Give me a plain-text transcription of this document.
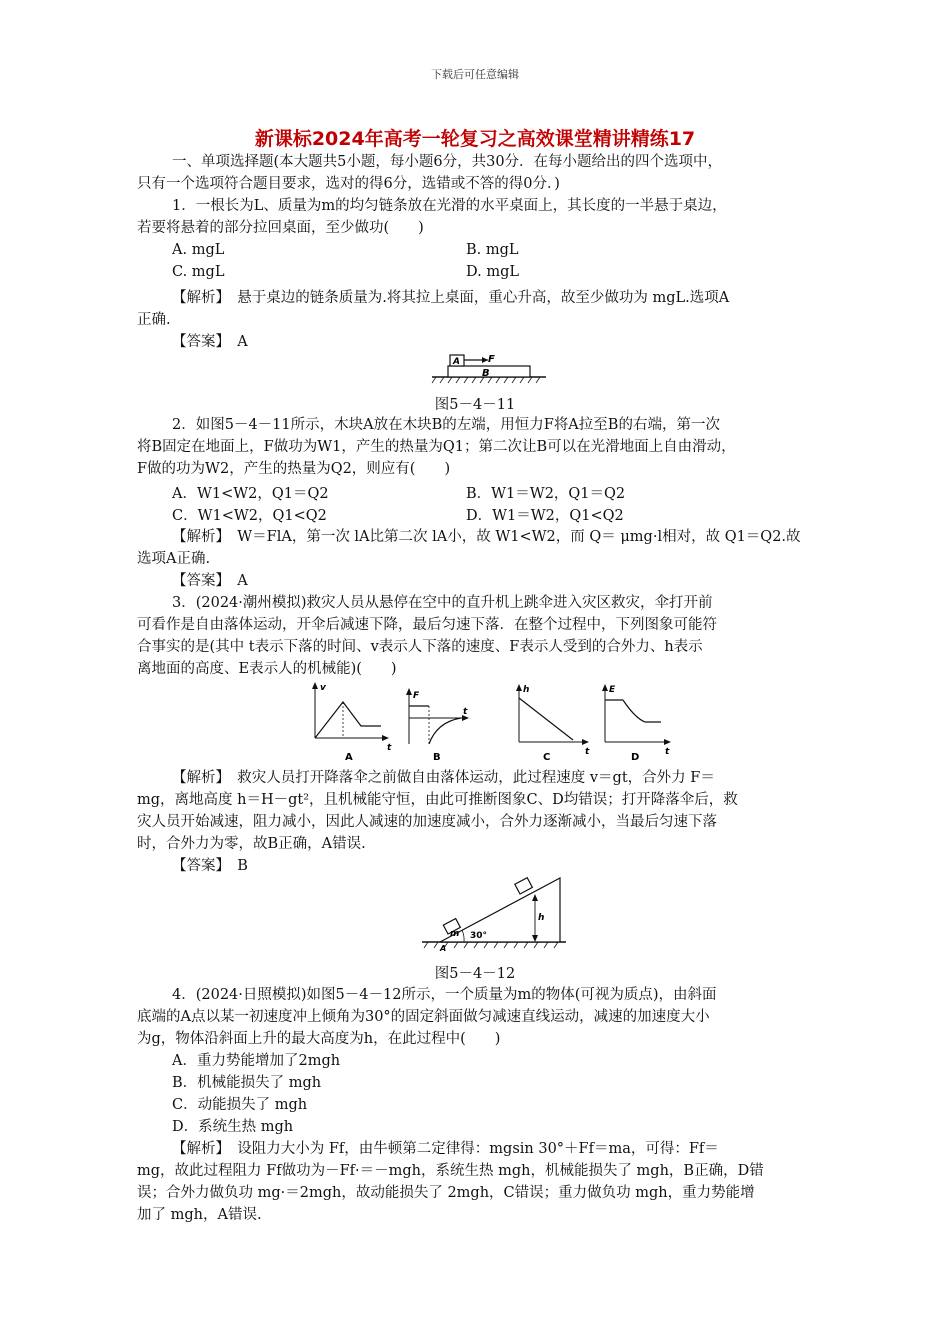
下载后可任意编辑
新课标2024年高考一轮复习之高效课堂精讲精练17
一、单项选择题(本大题共5小题，每小题6分，共30分．在每小题给出的四个选项中，
只有一个选项符合题目要求，选对的得6分，选错或不答的得0分．)
1．一根长为L、质量为m的均匀链条放在光滑的水平桌面上，其长度的一半悬于桌边，
若要将悬着的部分拉回桌面，至少做功(　　)
A. mgL	B. mgL
C. mgL	D. mgL
【解析】　悬于桌边的链条质量为.将其拉上桌面，重心升高，故至少做功为 mgL.选项A
正确.
【答案】　A
A	F
B
图5－4－11
2．如图5－4－11所示，木块A放在木块B的左端，用恒力F将A拉至B的右端，第一次
将B固定在地面上，F做功为W1，产生的热量为Q1；第二次让B可以在光滑地面上自由滑动，
F做的功为W2，产生的热量为Q2，则应有(　　)
A．W1<W2，Q1＝Q2	B．W1＝W2，Q1＝Q2
C．W1<W2，Q1<Q2	D．W1＝W2，Q1<Q2
【解析】　W＝FlA，第一次 lA比第二次 lA小，故 W1<W2，而 Q＝ μmg·l相对，故 Q1＝Q2.故
选项A正确.
【答案】　A
3．(2024·潮州模拟)救灾人员从悬停在空中的直升机上跳伞进入灾区救灾，伞打开前
可看作是自由落体运动，开伞后减速下降，最后匀速下落．在整个过程中，下列图象可能符
合事实的是(其中 t表示下落的时间、v表示人下落的速度、F表示人受到的合外力、h表示
离地面的高度、E表示人的机械能)(　　)
v
t
A
F
t
B
h
t
C
E
t
D
【解析】　救灾人员打开降落伞之前做自由落体运动，此过程速度 v＝gt，合外力 F＝
mg，离地高度 h＝H－gt²，且机械能守恒，由此可推断图象C、D均错误；打开降落伞后，救
灾人员开始减速，阻力减小，因此人减速的加速度减小，合外力逐渐减小，当最后匀速下落
时，合外力为零，故B正确，A错误.
【答案】　B
m 30°
h
A
图5－4－12
4．(2024·日照模拟)如图5－4－12所示，一个质量为m的物体(可视为质点)，由斜面
底端的A点以某一初速度冲上倾角为30°的固定斜面做匀减速直线运动，减速的加速度大小
为g，物体沿斜面上升的最大高度为h，在此过程中(　　)
A．重力势能增加了2mgh
B．机械能损失了 mgh
C．动能损失了 mgh
D．系统生热 mgh
【解析】　设阻力大小为 Ff，由牛顿第二定律得：mgsin 30°＋Ff＝ma，可得：Ff＝
mg，故此过程阻力 Ff做功为－Ff·＝－mgh，系统生热 mgh，机械能损失了 mgh，B正确，D错
误；合外力做负功 mg·＝2mgh，故动能损失了 2mgh，C错误；重力做负功 mgh，重力势能增
加了 mgh，A错误.
